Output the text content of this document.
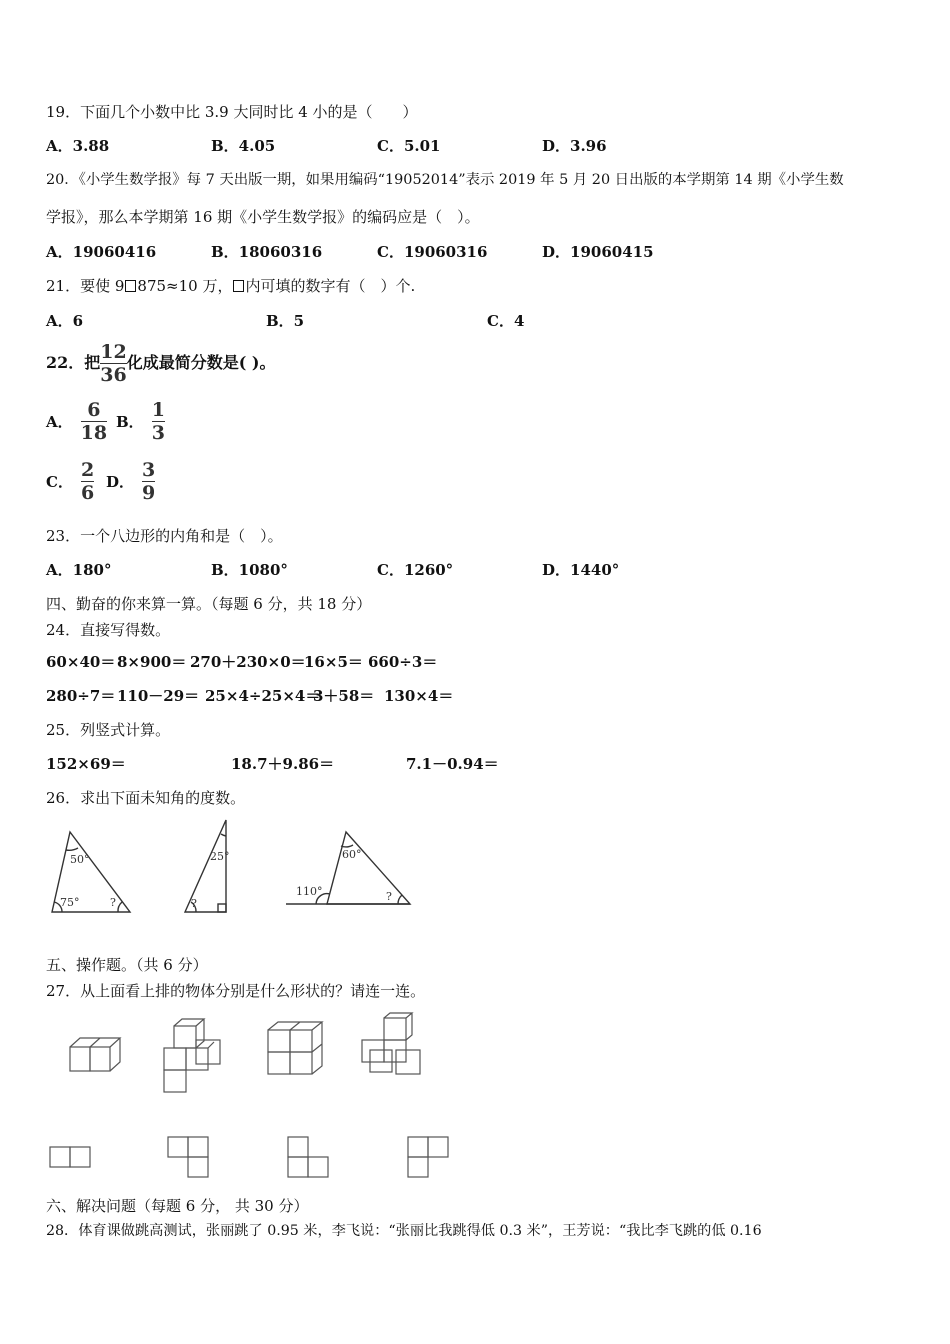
19．下面几个小数中比 3.9 大同时比 4 小的是（　　）
A．3.88	B．4.05	C．5.01	D．3.96
20．《小学生数学报》每 7 天出版一期，如果用编码“19052014”表示 2019 年 5 月 20 日出版的本学期第 14 期《小学生数
学报》，那么本学期第 16 期《小学生数学报》的编码应是（　）。
A．19060416	B．18060316	C．19060316	D．19060415
21．要使 9 875≈10 万， 内可填的数字有（　）个.
A．6	B．5	C．4
22．把 $\frac{12}{36}$ 化成最简分数是( )。
A． $\frac{6}{18}$ B． $\frac{1}{3}$
C． $\frac{2}{6}$ D． $\frac{3}{9}$
23．一个八边形的内角和是（　）。
A．180°	B．1080°	C．1260°	D．1440°
四、勤奋的你来算一算。（每题 6 分，共 18 分）
24．直接写得数。
60×40＝ 8×900＝ 270＋230×0＝
16×5＝ 660÷3＝
280÷7＝ 110－29＝ 25×4÷25×4＝
3＋58＝ 130×4＝
25．列竖式计算。
152×69＝	18.7＋9.86＝	7.1－0.94＝
26．求出下面未知角的度数。
50°
75°	?
25°
?
60°
110°	?
五、操作题。（共 6 分）
27．从上面看上排的物体分别是什么形状的？请连一连。
六、解决问题（每题 6 分， 共 30 分）
28．体育课做跳高测试，张丽跳了 0.95 米，李飞说：“张丽比我跳得低 0.3 米”，王芳说：“我比李飞跳的低 0.16
